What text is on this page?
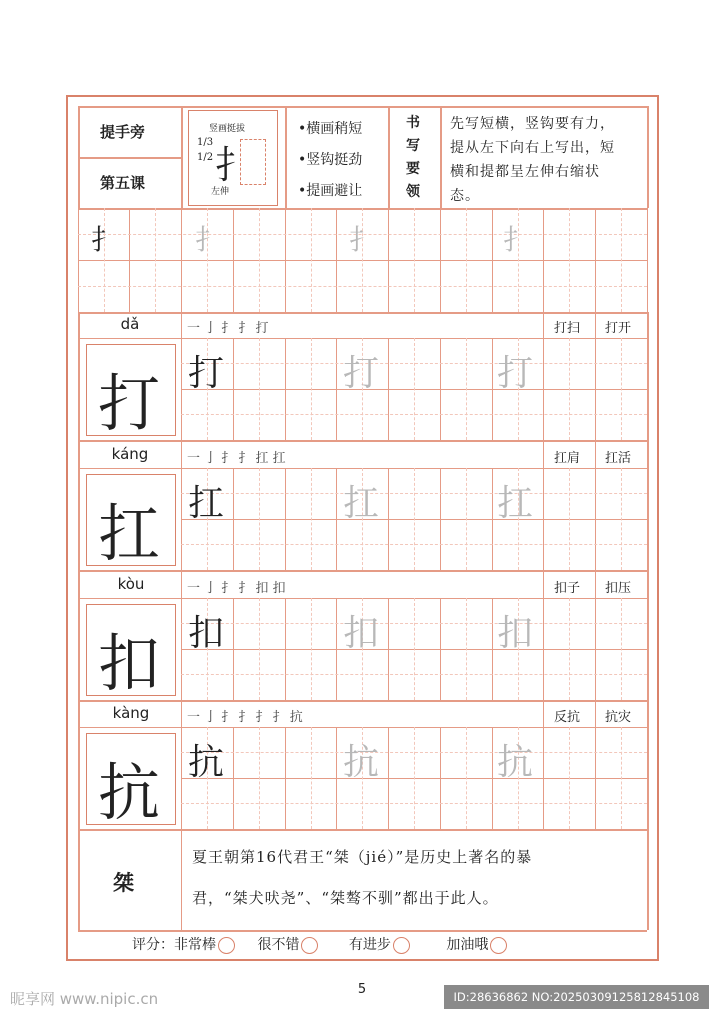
提手旁
第五课
竖画挺拔
1/3
1/2 扌
左伸
•横画稍短
•竖钩挺劲
•提画避让
书写要领
先写短横，竖钩要有力，
提从左下向右上写出，短
横和提都呈左伸右缩状
态。
扌	扌	扌	扌
dǎ	一 亅 扌 扌 打	打扫 打开
打 打	打	打
káng	一 亅 扌 扌 扛 扛	扛肩 扛活
扛 扛	扛	扛
kòu	一 亅 扌 扌 扣 扣	扣子 扣压
扣 扣	扣	扣
kàng	一 亅 扌 扌 扌 扌 抗	反抗 抗灾
抗 抗	抗	抗
桀
夏王朝第16代君王“桀（jié）”是历史上著名的暴
君，“桀犬吠尧”、“桀骜不驯”都出于此人。
评分：非常棒	很不错	有进步	加油哦
5
昵享网 www.nipic.cn	ID:28636862 NO:20250309125812845108
